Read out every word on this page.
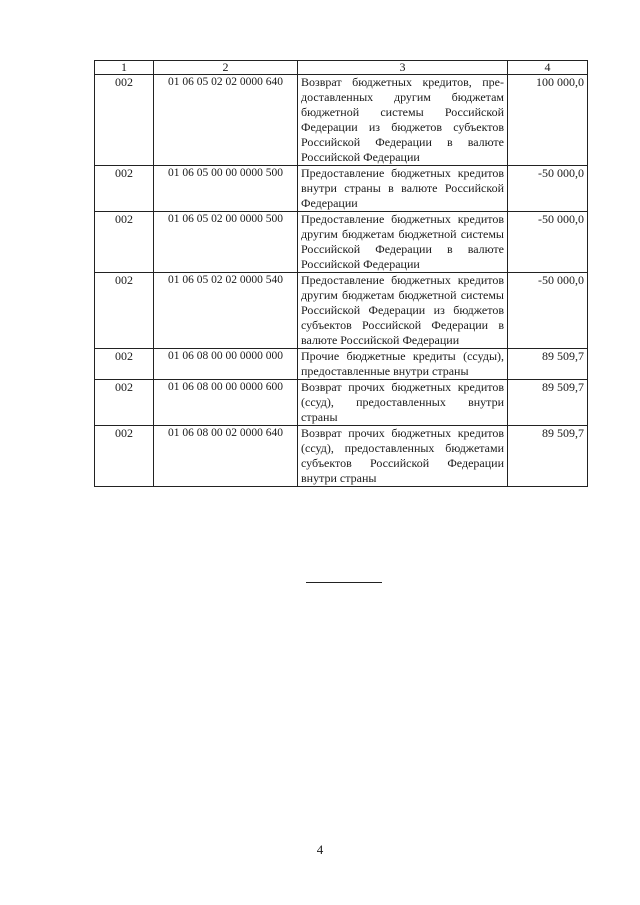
1	2	3	4
002	01 06 05 02 02 0000 640	Возврат бюджетных кредитов, предоставленных другим бюджетам бюджетной системы Российской Федерации из бюджетов субъектов Российской Федерации в валюте Российской Федерации	100 000,0
002	01 06 05 00 00 0000 500	Предоставление бюджетных кредитов внутри страны в валюте Российской Федерации	-50 000,0
002	01 06 05 02 00 0000 500	Предоставление бюджетных кредитов другим бюджетам бюджетной системы Российской Федерации в валюте Российской Федерации	-50 000,0
002	01 06 05 02 02 0000 540	Предоставление бюджетных кредитов другим бюджетам бюджетной системы Российской Федерации из бюджетов субъектов Российской Федерации в валюте Российской Федерации	-50 000,0
002	01 06 08 00 00 0000 000	Прочие бюджетные кредиты (ссуды), предоставленные внутри страны	89 509,7
002	01 06 08 00 00 0000 600	Возврат прочих бюджетных кредитов (ссуд), предоставленных внутри страны	89 509,7
002	01 06 08 00 02 0000 640	Возврат прочих бюджетных кредитов (ссуд), предоставленных бюджетами субъектов Российской Федерации внутри страны	89 509,7
4
